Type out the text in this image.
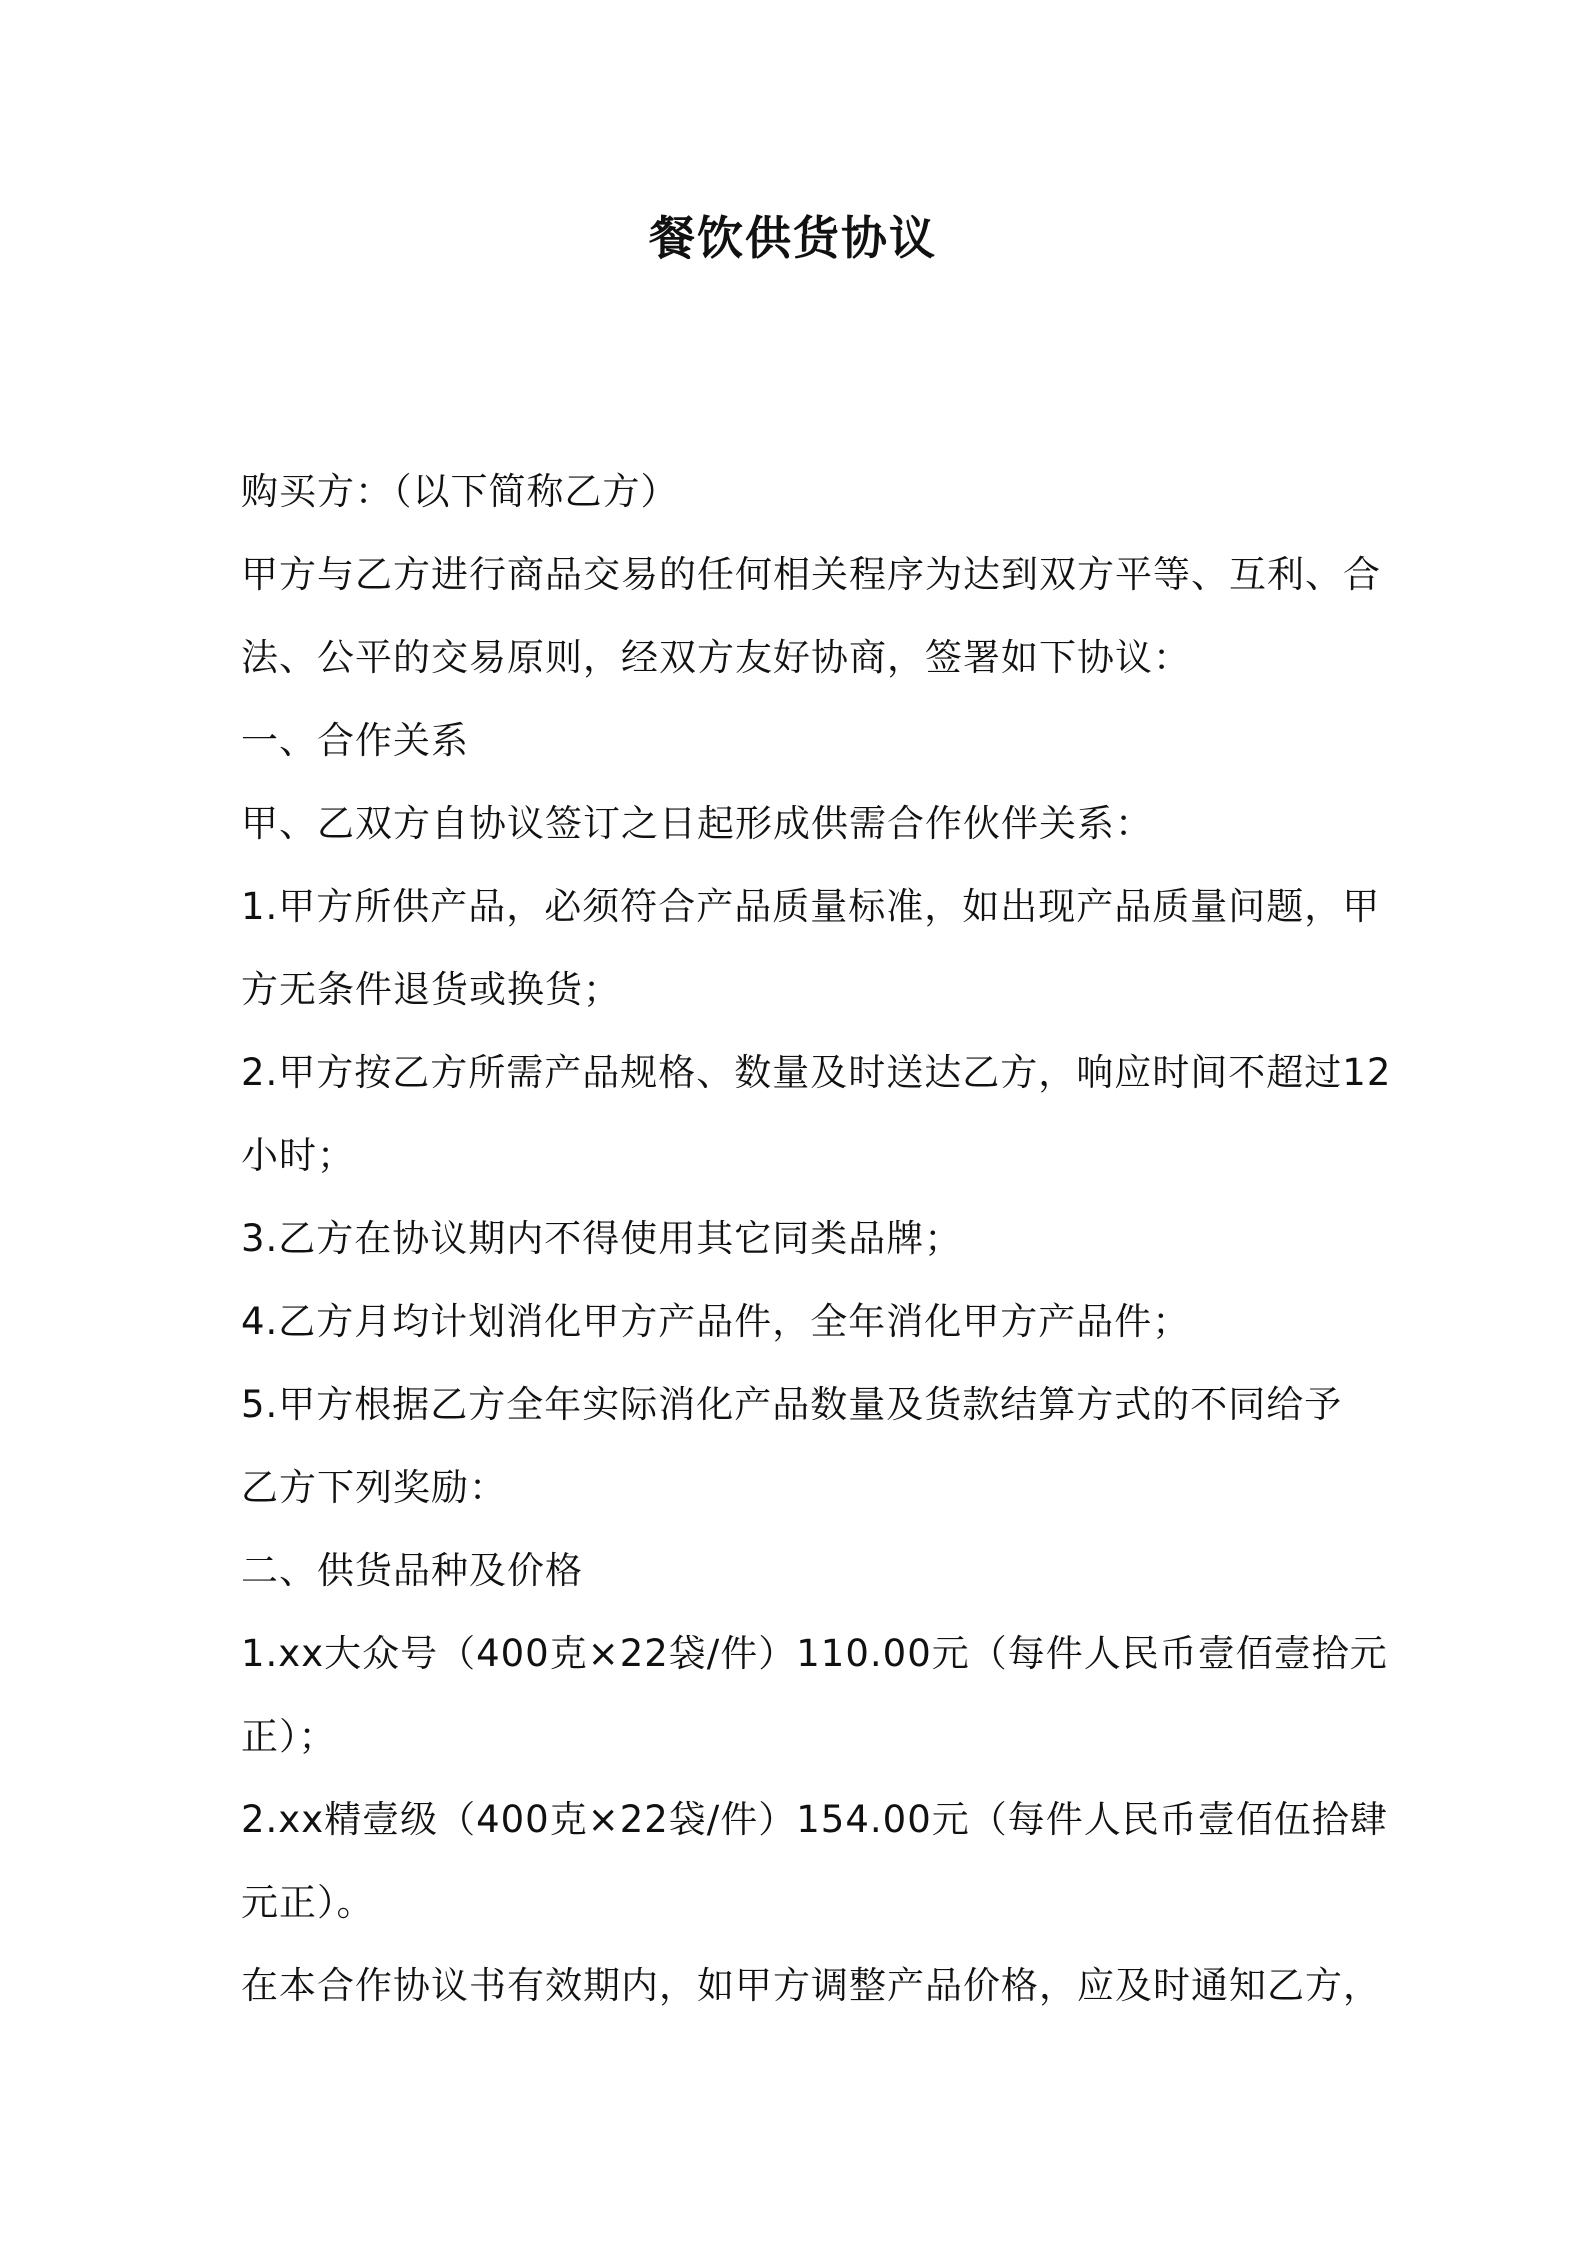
餐饮供货协议
购买方：（以下简称乙方）
甲方与乙方进行商品交易的任何相关程序为达到双方平等、互利、合
法、公平的交易原则，经双方友好协商，签署如下协议：
一、合作关系
甲、乙双方自协议签订之日起形成供需合作伙伴关系：
1.甲方所供产品，必须符合产品质量标准，如出现产品质量问题，甲
方无条件退货或换货；
2.甲方按乙方所需产品规格、数量及时送达乙方，响应时间不超过12
小时；
3.乙方在协议期内不得使用其它同类品牌；
4.乙方月均计划消化甲方产品件，全年消化甲方产品件；
5.甲方根据乙方全年实际消化产品数量及货款结算方式的不同给予
乙方下列奖励：
二、供货品种及价格
1.xx大众号（400克×22袋/件）110.00元（每件人民币壹佰壹拾元
正）；
2.xx精壹级（400克×22袋/件）154.00元（每件人民币壹佰伍拾肆
元正）。
在本合作协议书有效期内，如甲方调整产品价格，应及时通知乙方，
